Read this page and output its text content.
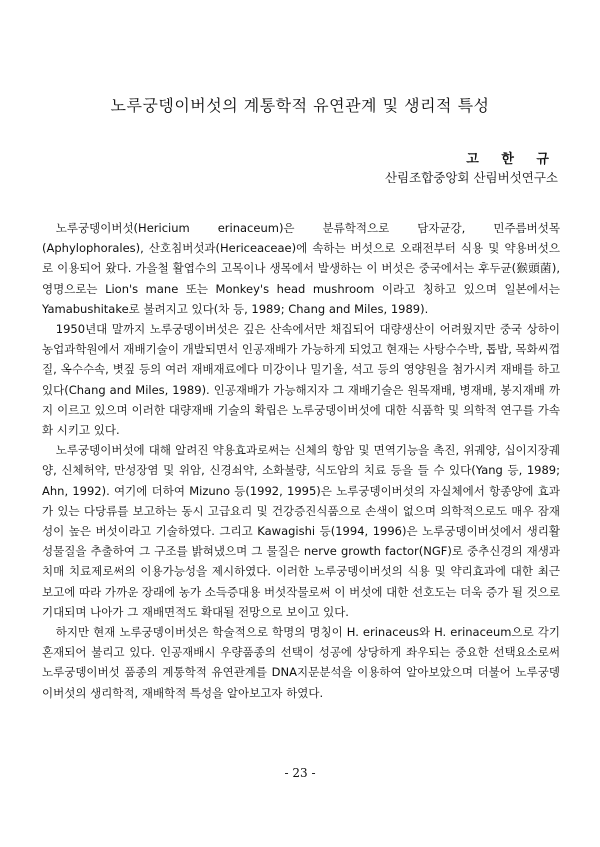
노루궁뎅이버섯의 계통학적 유연관계 및 생리적 특성
고 한 규
산림조합중앙회 산림버섯연구소

노루궁뎅이버섯(Hericium erinaceum)은 분류학적으로 담자균강, 민주름버섯목(Aphylophorales), 산호침버섯과(Hericeaceae)에 속하는 버섯으로 오래전부터 식용 및 약용버섯으로 이용되어 왔다. 가을철 활엽수의 고목이나 생목에서 발생하는 이 버섯은 중국에서는 후두균(猴頭菌), 영명으로는 Lion's mane 또는 Monkey's head mushroom 이라고 칭하고 있으며 일본에서는 Yamabushitake로 불려지고 있다(차 등, 1989; Chang and Miles, 1989).

1950년대 말까지 노루궁뎅이버섯은 깊은 산속에서만 채집되어 대량생산이 어려웠지만 중국 상하이 농업과학원에서 재배기술이 개발되면서 인공재배가 가능하게 되었고 현재는 사탕수수박, 톱밥, 목화씨껍질, 옥수수속, 볏짚 등의 여러 재배재료에다 미강이나 밀기울, 석고 등의 영양원을 첨가시켜 재배를 하고 있다(Chang and Miles, 1989). 인공재배가 가능해지자 그 재배기술은 원목재배, 병재배, 봉지재배 까지 이르고 있으며 이러한 대량재배 기술의 확립은 노루궁뎅이버섯에 대한 식품학 및 의학적 연구를 가속화 시키고 있다.

노루궁뎅이버섯에 대해 알려진 약용효과로써는 신체의 항암 및 면역기능을 촉진, 위궤양, 십이지장궤양, 신체허약, 만성장염 및 위암, 신경쇠약, 소화불량, 식도암의 치료 등을 들 수 있다(Yang 등, 1989; Ahn, 1992). 여기에 더하여 Mizuno 등(1992, 1995)은 노루궁뎅이버섯의 자실체에서 항종양에 효과가 있는 다당류를 보고하는 동시 고급요리 및 건강증진식품으로 손색이 없으며 의학적으로도 매우 잠재성이 높은 버섯이라고 기술하였다. 그리고 Kawagishi 등(1994, 1996)은 노루궁뎅이버섯에서 생리활성물질을 추출하여 그 구조를 밝혀냈으며 그 물질은 nerve growth factor(NGF)로 중추신경의 재생과 치매 치료제로써의 이용가능성을 제시하였다. 이러한 노루궁뎅이버섯의 식용 및 약리효과에 대한 최근 보고에 따라 가까운 장래에 농가 소득증대용 버섯작물로써 이 버섯에 대한 선호도는 더욱 증가 될 것으로 기대되며 나아가 그 재배면적도 확대될 전망으로 보이고 있다.

하지만 현재 노루궁뎅이버섯은 학술적으로 학명의 명칭이 H. erinaceus와 H. erinaceum으로 각기 혼재되어 불리고 있다. 인공재배시 우량품종의 선택이 성공에 상당하게 좌우되는 중요한 선택요소로써 노루궁뎅이버섯 품종의 계통학적 유연관계를 DNA지문분석을 이용하여 알아보았으며 더불어 노루궁뎅이버섯의 생리학적, 재배학적 특성을 알아보고자 하였다.

- 23 -
